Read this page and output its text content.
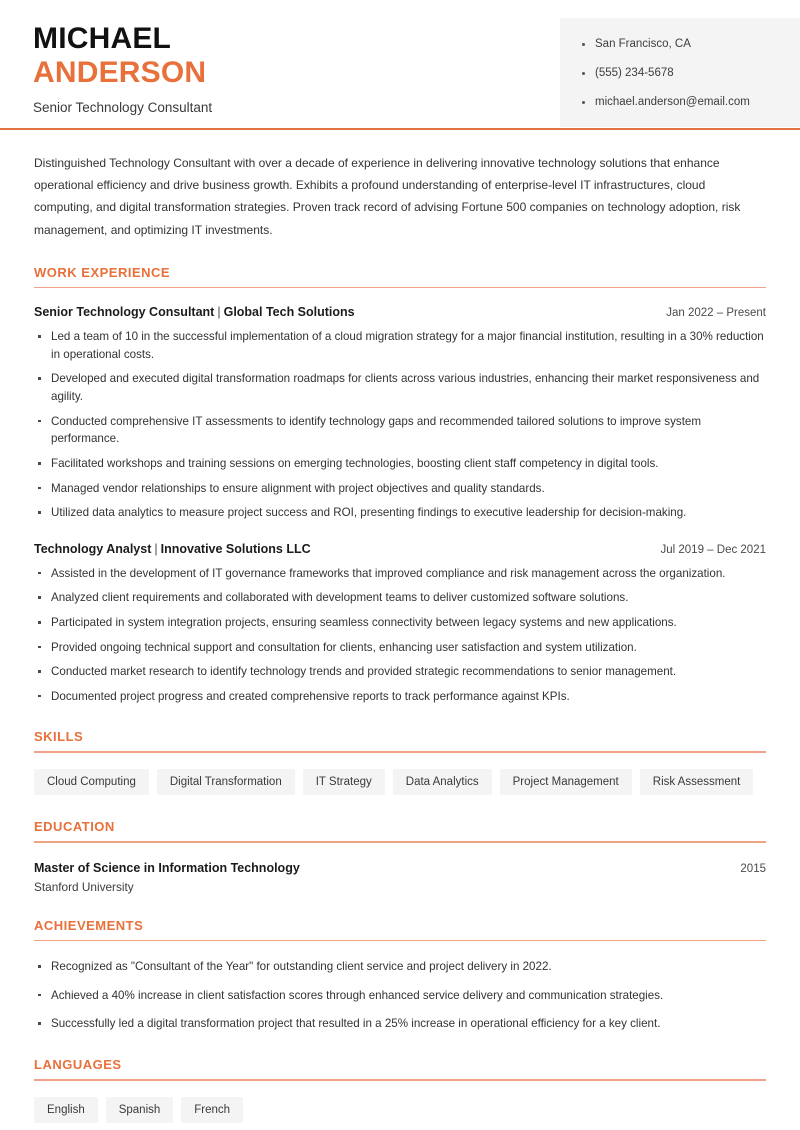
MICHAEL
ANDERSON
Senior Technology Consultant
San Francisco, CA
(555) 234-5678
michael.anderson@email.com
Distinguished Technology Consultant with over a decade of experience in delivering innovative technology solutions that enhance operational efficiency and drive business growth. Exhibits a profound understanding of enterprise-level IT infrastructures, cloud computing, and digital transformation strategies. Proven track record of advising Fortune 500 companies on technology adoption, risk management, and optimizing IT investments.
WORK EXPERIENCE
Senior Technology Consultant | Global Tech Solutions	Jan 2022 – Present
Led a team of 10 in the successful implementation of a cloud migration strategy for a major financial institution, resulting in a 30% reduction in operational costs.
Developed and executed digital transformation roadmaps for clients across various industries, enhancing their market responsiveness and agility.
Conducted comprehensive IT assessments to identify technology gaps and recommended tailored solutions to improve system performance.
Facilitated workshops and training sessions on emerging technologies, boosting client staff competency in digital tools.
Managed vendor relationships to ensure alignment with project objectives and quality standards.
Utilized data analytics to measure project success and ROI, presenting findings to executive leadership for decision-making.
Technology Analyst | Innovative Solutions LLC	Jul 2019 – Dec 2021
Assisted in the development of IT governance frameworks that improved compliance and risk management across the organization.
Analyzed client requirements and collaborated with development teams to deliver customized software solutions.
Participated in system integration projects, ensuring seamless connectivity between legacy systems and new applications.
Provided ongoing technical support and consultation for clients, enhancing user satisfaction and system utilization.
Conducted market research to identify technology trends and provided strategic recommendations to senior management.
Documented project progress and created comprehensive reports to track performance against KPIs.
SKILLS
Cloud Computing	Digital Transformation	IT Strategy	Data Analytics	Project Management	Risk Assessment
EDUCATION
Master of Science in Information Technology	2015
Stanford University
ACHIEVEMENTS
Recognized as "Consultant of the Year" for outstanding client service and project delivery in 2022.
Achieved a 40% increase in client satisfaction scores through enhanced service delivery and communication strategies.
Successfully led a digital transformation project that resulted in a 25% increase in operational efficiency for a key client.
LANGUAGES
English	Spanish	French
